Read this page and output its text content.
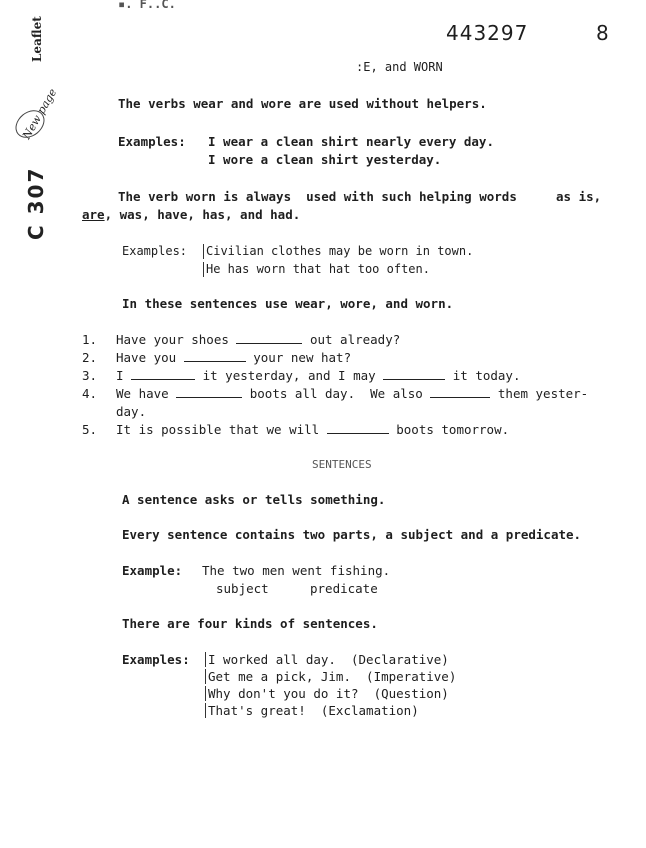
▪. F..C.
443297	8
:E, and WORN
Leaflet
New page
C 307
The verbs wear and wore are used without helpers.
Examples: I wear a clean shirt nearly every day.
I wore a clean shirt yesterday.
The verb worn is always  used with such helping words	as is,
are, was, have, has, and had.
Examples: Civilian clothes may be worn in town.
He has worn that hat too often.
In these sentences use wear, wore, and worn.
1. Have your shoes	out already?
2. Have you	your new hat?
3. I	it yesterday, and I may	it today.
4. We have	boots all day.  We also	them yester-
day.
5. It is possible that we will	boots tomorrow.
SENTENCES
A sentence asks or tells something.
Every sentence contains two parts, a subject and a predicate.
Example: The two men went fishing.
subject	predicate
There are four kinds of sentences.
Examples: I worked all day.  (Declarative)
Get me a pick, Jim.  (Imperative)
Why don't you do it?  (Question)
That's great!  (Exclamation)
